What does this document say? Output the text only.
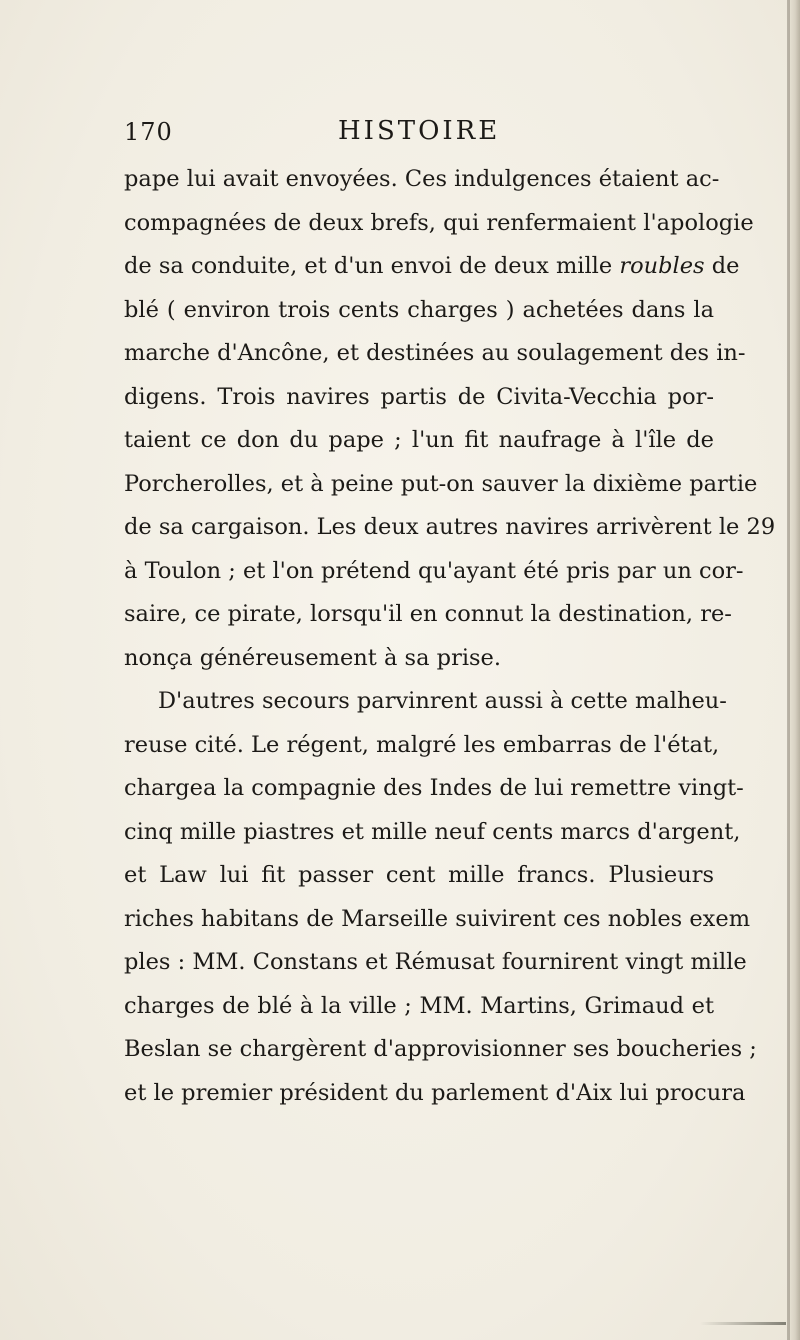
170	HISTOIRE
pape lui avait envoyées. Ces indulgences étaient ac-
compagnées de deux brefs, qui renfermaient l'apologie
de sa conduite, et d'un envoi de deux mille roubles de
blé ( environ trois cents charges ) achetées dans la
marche d'Ancône, et destinées au soulagement des in-
digens. Trois navires partis de Civita-Vecchia por-
taient ce don du pape ; l'un fit naufrage à l'île de
Porcherolles, et à peine put-on sauver la dixième partie
de sa cargaison. Les deux autres navires arrivèrent le 29
à Toulon ; et l'on prétend qu'ayant été pris par un cor-
saire, ce pirate, lorsqu'il en connut la destination, re-
nonça généreusement à sa prise.
D'autres secours parvinrent aussi à cette malheu-
reuse cité. Le régent, malgré les embarras de l'état,
chargea la compagnie des Indes de lui remettre vingt-
cinq mille piastres et mille neuf cents marcs d'argent,
et Law lui fit passer cent mille francs. Plusieurs
riches habitans de Marseille suivirent ces nobles exem
ples : MM. Constans et Rémusat fournirent vingt mille
charges de blé à la ville ; MM. Martins, Grimaud et
Beslan se chargèrent d'approvisionner ses boucheries ;
et le premier président du parlement d'Aix lui procura
